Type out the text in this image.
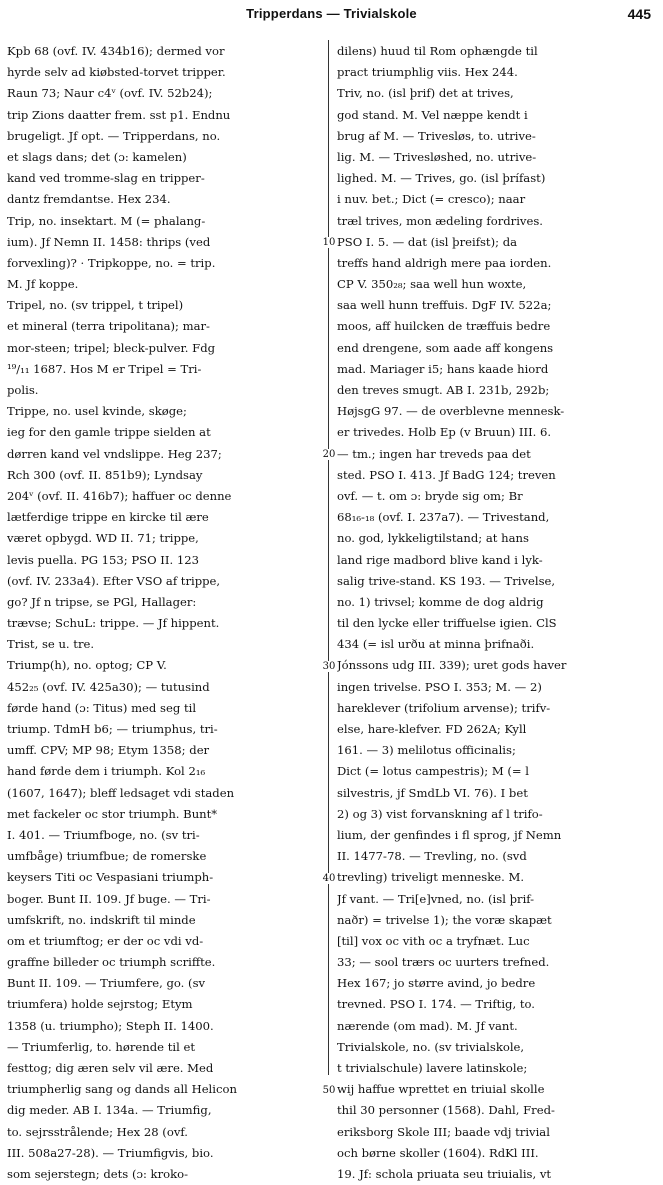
Tripperdans — Trivialskole	445
Kpb 68 (ovf. IV. 434b16); dermed vor
hyrde selv ad kiøbsted-torvet tripper.
Raun 73; Naur c4ᵛ (ovf. IV. 52b24);
trip Zions daatter frem. sst p1. Endnu
brugeligt. Jf opt. — Tripperdans, no.
et slags dans; det (ɔ: kamelen)
kand ved tromme-slag en tripper-
dantz fremdantse. Hex 234.
Trip, no. insektart. M (= phalang-
ium). Jf Nemn II. 1458: thrips (ved
forvexling)? · Tripkoppe, no. = trip.
M. Jf koppe.
Tripel, no. (sv trippel, t tripel)
et mineral (terra tripolitana); mar-
mor-steen; tripel; bleck-pulver. Fdg
¹⁹/₁₁ 1687. Hos M er Tripel = Tri-
polis.
Trippe, no. usel kvinde, skøge;
ieg for den gamle trippe sielden at
dørren kand vel vndslippe. Heg 237;
Rch 300 (ovf. II. 851b9); Lyndsay
204ᵛ (ovf. II. 416b7); haffuer oc denne
lætferdige trippe en kircke til ære
været opbygd. WD II. 71; trippe,
levis puella. PG 153; PSO II. 123
(ovf. IV. 233a4). Efter VSO af trippe,
go? Jf n tripse, se PGl, Hallager:
trævse; SchuL: trippe. — Jf hippent.
Trist, se u. tre.
Triump(h), no. optog; CP V.
452₂₅ (ovf. IV. 425a30); — tutusind
førde hand (ɔ: Titus) med seg til
triump. TdmH b6; — triumphus, tri-
umff. CPV; MP 98; Etym 1358; der
hand førde dem i triumph. Kol 2₁₆
(1607, 1647); bleff ledsaget vdi staden
met fackeler oc stor triumph. Bunt*
I. 401. — Triumfboge, no. (sv tri-
umfbåge) triumfbue; de romerske
keysers Titi oc Vespasiani triumph-
boger. Bunt II. 109. Jf buge. — Tri-
umfskrift, no. indskrift til minde
om et triumftog; er der oc vdi vd-
graffne billeder oc triumph scriffte.
Bunt II. 109. — Triumfere, go. (sv
triumfera) holde sejrstog; Etym
1358 (u. triumpho); Steph II. 1400.
— Triumferlig, to. hørende til et
festtog; dig æren selv vil ære. Med
triumpherlig sang og dands all Helicon
dig meder. AB I. 134a. — Triumfig,
to. sejrsstrålende; Hex 28 (ovf.
III. 508a27-28). — Triumfigvis, bio.
som sejerstegn; dets (ɔ: kroko-
dilens) huud til Rom ophængde til
pract triumphlig viis. Hex 244.
Triv, no. (isl þrif) det at trives,
god stand. M. Vel næppe kendt i
brug af M. — Trivesløs, to. utrive-
lig. M. — Trivesløshed, no. utrive-
lighed. M. — Trives, go. (isl þrífast)
i nuv. bet.; Dict (= cresco); naar
træl trives, mon ædeling fordrives.
PSO I. 5. — dat (isl þreifst); da
treffs hand aldrigh mere paa iorden.
CP V. 350₂₈; saa well hun woxte,
saa well hunn treffuis. DgF IV. 522a;
moos, aff huilcken de træffuis bedre
end drengene, som aade aff kongens
mad. Mariager i5; hans kaade hiord
den treves smugt. AB I. 231b, 292b;
HøjsgG 97. — de overblevne mennesk-
er trivedes. Holb Ep (v Bruun) III. 6.
— tm.; ingen har treveds paa det
sted. PSO I. 413. Jf BadG 124; treven
ovf. — t. om ɔ: bryde sig om; Br
68₁₆-₁₈ (ovf. I. 237a7). — Trivestand,
no. god, lykkeligtilstand; at hans
land rige madbord blive kand i lyk-
salig trive-stand. KS 193. — Trivelse,
no. 1) trivsel; komme de dog aldrig
til den lycke eller triffuelse igien. ClS
434 (= isl urðu at minna þrifnaði.
Jónssons udg III. 339); uret gods haver
ingen trivelse. PSO I. 353; M. — 2)
hareklever (trifolium arvense); trifv-
else, hare-klefver. FD 262A; Kyll
161. — 3) melilotus officinalis;
Dict (= lotus campestris); M (= l
silvestris, jf SmdLb VI. 76). I bet
2) og 3) vist forvanskning af l trifo-
lium, der genfindes i fl sprog, jf Nemn
II. 1477-78. — Trevling, no. (svd
trevling) triveligt menneske. M.
Jf vant. — Tri[e]vned, no. (isl þrif-
naðr) = trivelse 1); the voræ skapæt
[til] vox oc vith oc a tryfnæt. Luc
33; — sool trærs oc uurters trefned.
Hex 167; jo større avind, jo bedre
trevned. PSO I. 174. — Triftig, to.
nærende (om mad). M. Jf vant.
Trivialskole, no. (sv trivialskole,
t trivialschule) lavere latinskole;
wij haffue wprettet en triuial skolle
thil 30 personner (1568). Dahl, Fred-
eriksborg Skole III; baade vdj trivial
och børne skoller (1604). RdKl III.
19. Jf: schola priuata seu triuialis, vt
10
20
30
40
50
